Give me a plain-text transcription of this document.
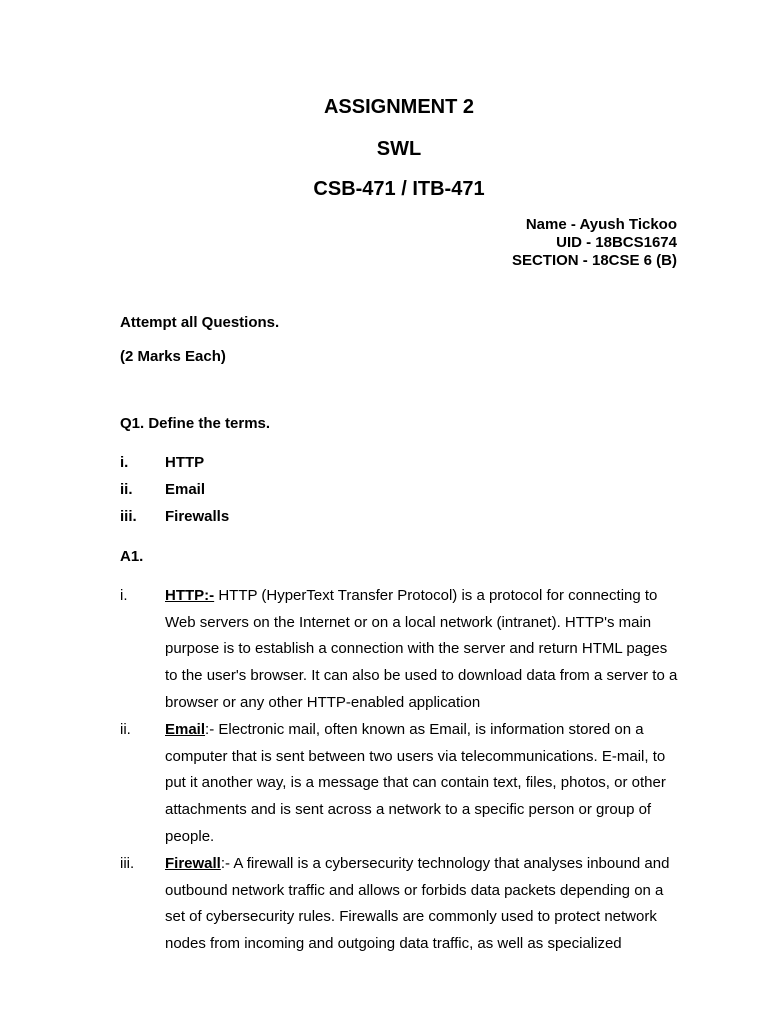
ASSIGNMENT 2
SWL
CSB-471 / ITB-471
Name - Ayush Tickoo
UID - 18BCS1674
SECTION - 18CSE 6 (B)
Attempt all Questions.
(2 Marks Each)
Q1. Define the terms.
i. HTTP
ii. Email
iii. Firewalls
A1.
i.	HTTP:- HTTP (HyperText Transfer Protocol) is a protocol for connecting to Web servers on the Internet or on a local network (intranet). HTTP's main purpose is to establish a connection with the server and return HTML pages to the user's browser. It can also be used to download data from a server to a browser or any other HTTP-enabled application
ii. Email:- Electronic mail, often known as Email, is information stored on a computer that is sent between two users via telecommunications. E-mail, to put it another way, is a message that can contain text, files, photos, or other attachments and is sent across a network to a specific person or group of people.
iii. Firewall:- A firewall is a cybersecurity technology that analyses inbound and outbound network traffic and allows or forbids data packets depending on a set of cybersecurity rules. Firewalls are commonly used to protect network nodes from incoming and outgoing data traffic, as well as specialized
